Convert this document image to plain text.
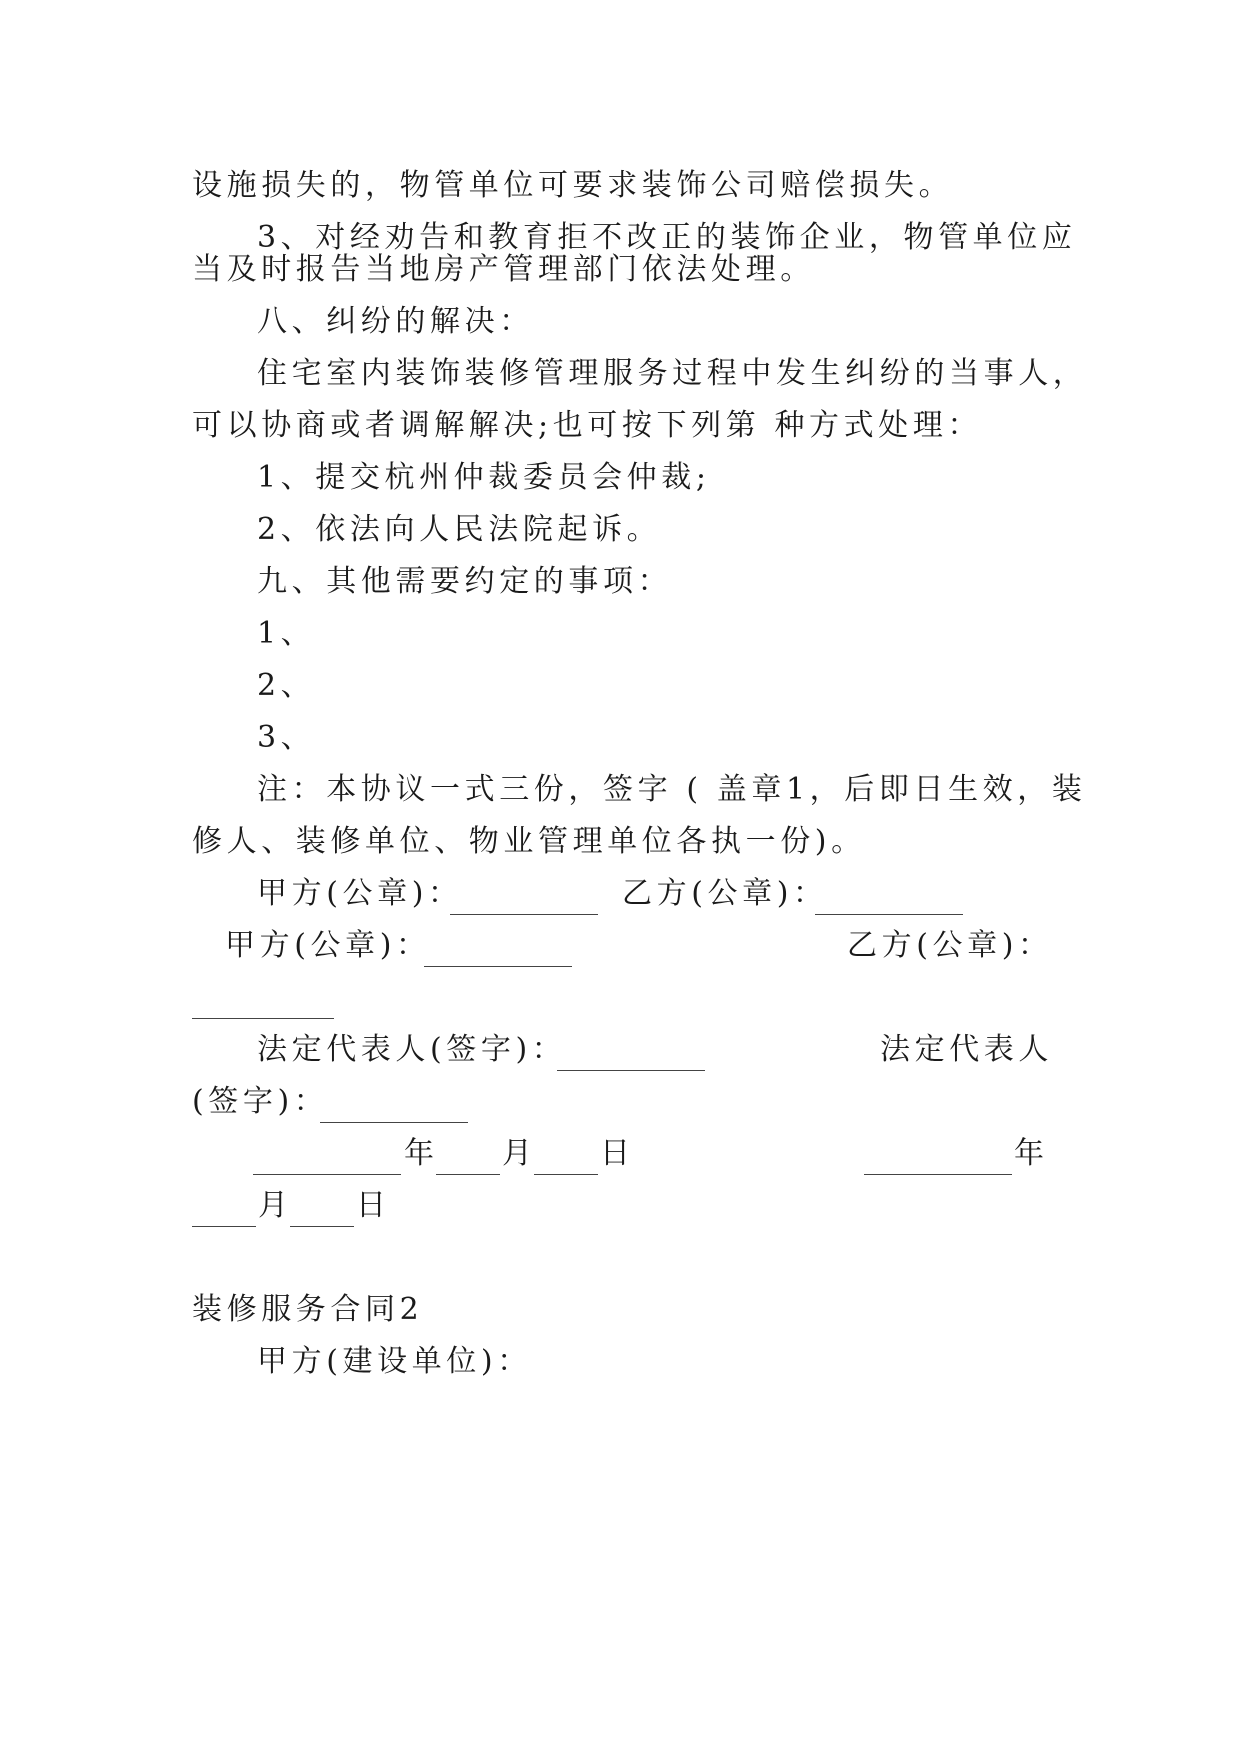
设施损失的，物管单位可要求装饰公司赔偿损失。
3、对经劝告和教育拒不改正的装饰企业，物管单位应
当及时报告当地房产管理部门依法处理。
八、纠纷的解决：
住宅室内装饰装修管理服务过程中发生纠纷的当事人，
可以协商或者调解解决;也可按下列第 种方式处理：
1、提交杭州仲裁委员会仲裁;
2、依法向人民法院起诉。
九、其他需要约定的事项：
1、
2、
3、
注：本协议一式三份，签字 ( 盖章1，后即日生效，装
修人、装修单位、物业管理单位各执一份)。
甲方(公章)：	乙方(公章)：
甲方(公章)：	乙方(公章)：
法定代表人(签字)：	法定代表人
(签字)：
年 月 日	年
月 日
装修服务合同2
甲方(建设单位)：
